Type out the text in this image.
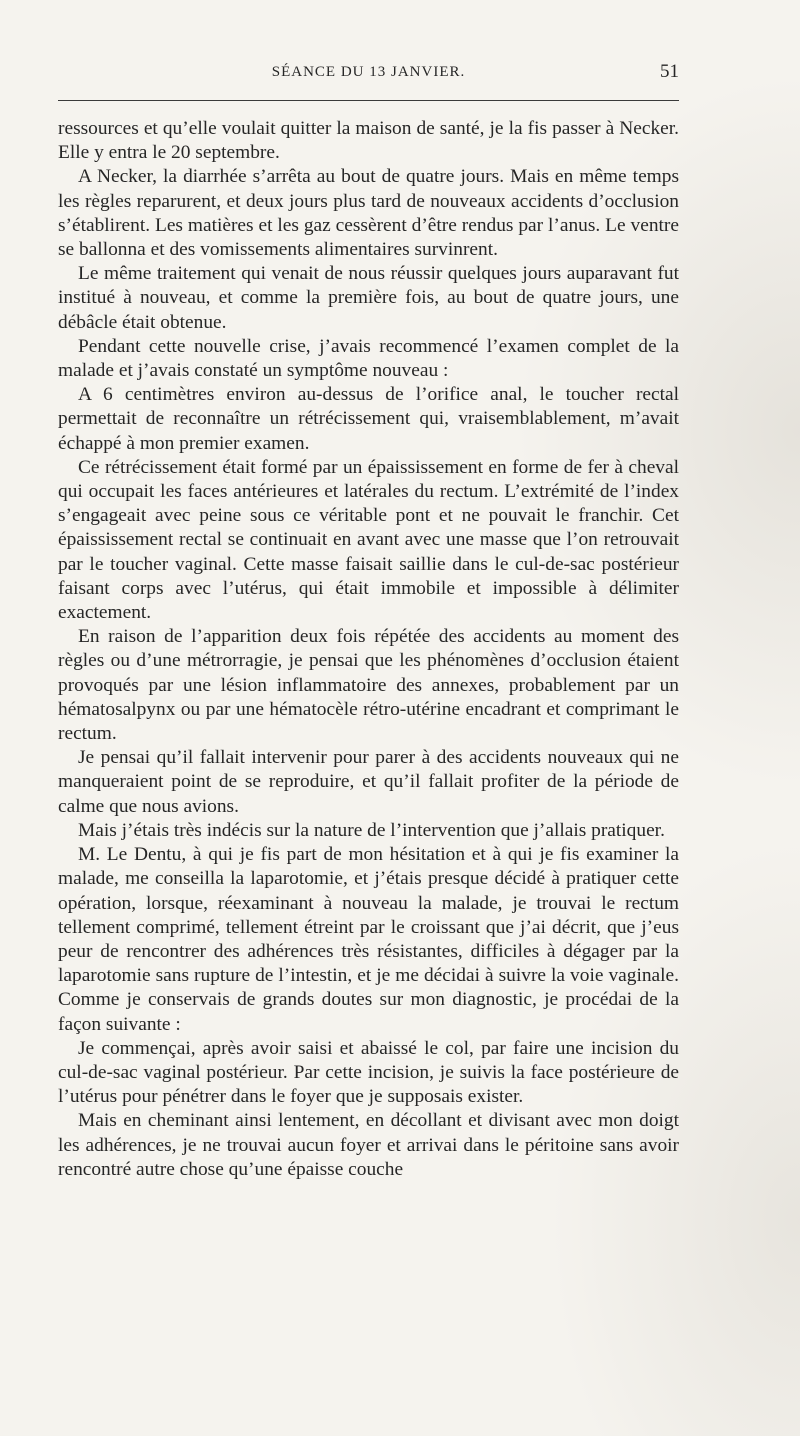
SÉANCE DU 13 JANVIER.	51

ressources et qu’elle voulait quitter la maison de santé, je la fis passer à Necker. Elle y entra le 20 septembre.

A Necker, la diarrhée s’arrêta au bout de quatre jours. Mais en même temps les règles reparurent, et deux jours plus tard de nouveaux accidents d’occlusion s’établirent. Les matières et les gaz cessèrent d’être rendus par l’anus. Le ventre se ballonna et des vomissements alimentaires survinrent.

Le même traitement qui venait de nous réussir quelques jours auparavant fut institué à nouveau, et comme la première fois, au bout de quatre jours, une débâcle était obtenue.

Pendant cette nouvelle crise, j’avais recommencé l’examen complet de la malade et j’avais constaté un symptôme nouveau :

A 6 centimètres environ au-dessus de l’orifice anal, le toucher rectal permettait de reconnaître un rétrécissement qui, vraisemblablement, m’avait échappé à mon premier examen.

Ce rétrécissement était formé par un épaississement en forme de fer à cheval qui occupait les faces antérieures et latérales du rectum. L’extrémité de l’index s’engageait avec peine sous ce véritable pont et ne pouvait le franchir. Cet épaississement rectal se continuait en avant avec une masse que l’on retrouvait par le toucher vaginal. Cette masse faisait saillie dans le cul-de-sac postérieur faisant corps avec l’utérus, qui était immobile et impossible à délimiter exactement.

En raison de l’apparition deux fois répétée des accidents au moment des règles ou d’une métrorragie, je pensai que les phénomènes d’occlusion étaient provoqués par une lésion inflammatoire des annexes, probablement par un hématosalpynx ou par une hématocèle rétro-utérine encadrant et comprimant le rectum.

Je pensai qu’il fallait intervenir pour parer à des accidents nouveaux qui ne manqueraient point de se reproduire, et qu’il fallait profiter de la période de calme que nous avions.

Mais j’étais très indécis sur la nature de l’intervention que j’allais pratiquer.

M. Le Dentu, à qui je fis part de mon hésitation et à qui je fis examiner la malade, me conseilla la laparotomie, et j’étais presque décidé à pratiquer cette opération, lorsque, réexaminant à nouveau la malade, je trouvai le rectum tellement comprimé, tellement étreint par le croissant que j’ai décrit, que j’eus peur de rencontrer des adhérences très résistantes, difficiles à dégager par la laparotomie sans rupture de l’intestin, et je me décidai à suivre la voie vaginale. Comme je conservais de grands doutes sur mon diagnostic, je procédai de la façon suivante :

Je commençai, après avoir saisi et abaissé le col, par faire une incision du cul-de-sac vaginal postérieur. Par cette incision, je suivis la face postérieure de l’utérus pour pénétrer dans le foyer que je supposais exister.

Mais en cheminant ainsi lentement, en décollant et divisant avec mon doigt les adhérences, je ne trouvai aucun foyer et arrivai dans le péritoine sans avoir rencontré autre chose qu’une épaisse couche
